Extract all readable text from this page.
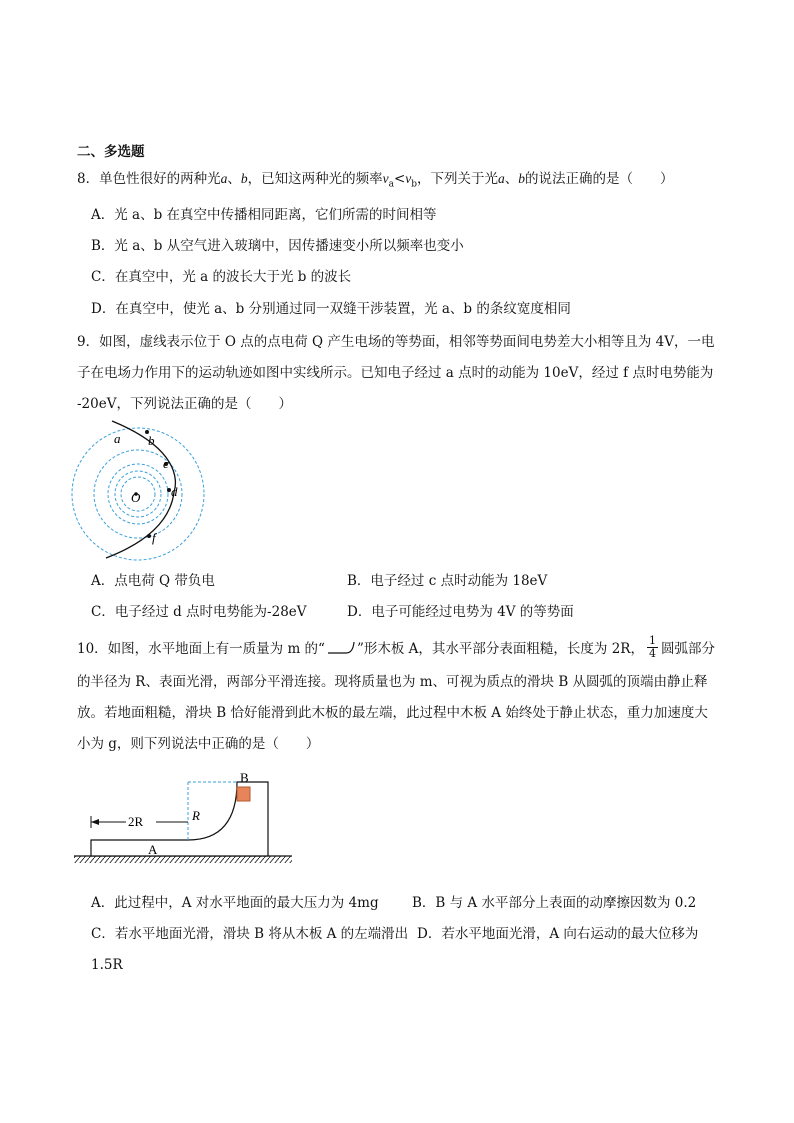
二、多选题
8．单色性很好的两种光a、b，已知这两种光的频率$\nu_a<\nu_b$，下列关于光a、b的说法正确的是（　　）
A．光 a、b 在真空中传播相同距离，它们所需的时间相等
B．光 a、b 从空气进入玻璃中，因传播速变小所以频率也变小
C．在真空中，光 a 的波长大于光 b 的波长
D．在真空中，使光 a、b 分别通过同一双缝干涉装置，光 a、b 的条纹宽度相同
9．如图，虚线表示位于 O 点的点电荷 Q 产生电场的等势面，相邻等势面间电势差大小相等且为 4V，一电
子在电场力作用下的运动轨迹如图中实线所示。已知电子经过 a 点时的动能为 10eV，经过 f 点时电势能为
-20eV，下列说法正确的是（　　）
a b
c
d
f
O
A．点电荷 Q 带负电	B．电子经过 c 点时动能为 18eV
C．电子经过 d 点时电势能为-28eV	D．电子可能经过电势为 4V 的等势面
10．如图，水平地面上有一质量为 m 的“ ”形木板 A，其水平部分表面粗糙，长度为 2R， $\frac{1}{4}$ 圆弧部分
的半径为 R、表面光滑，两部分平滑连接。现将质量也为 m、可视为质点的滑块 B 从圆弧的顶端由静止释
放。若地面粗糙，滑块 B 恰好能滑到此木板的最左端，此过程中木板 A 始终处于静止状态，重力加速度大
小为 g，则下列说法中正确的是（　　）
2R	R
A
B
A．此过程中，A 对水平地面的最大压力为 4mg B．B 与 A 水平部分上表面的动摩擦因数为 0.2
C．若水平地面光滑，滑块 B 将从木板 A 的左端滑出 D．若水平地面光滑，A 向右运动的最大位移为
1.5R
